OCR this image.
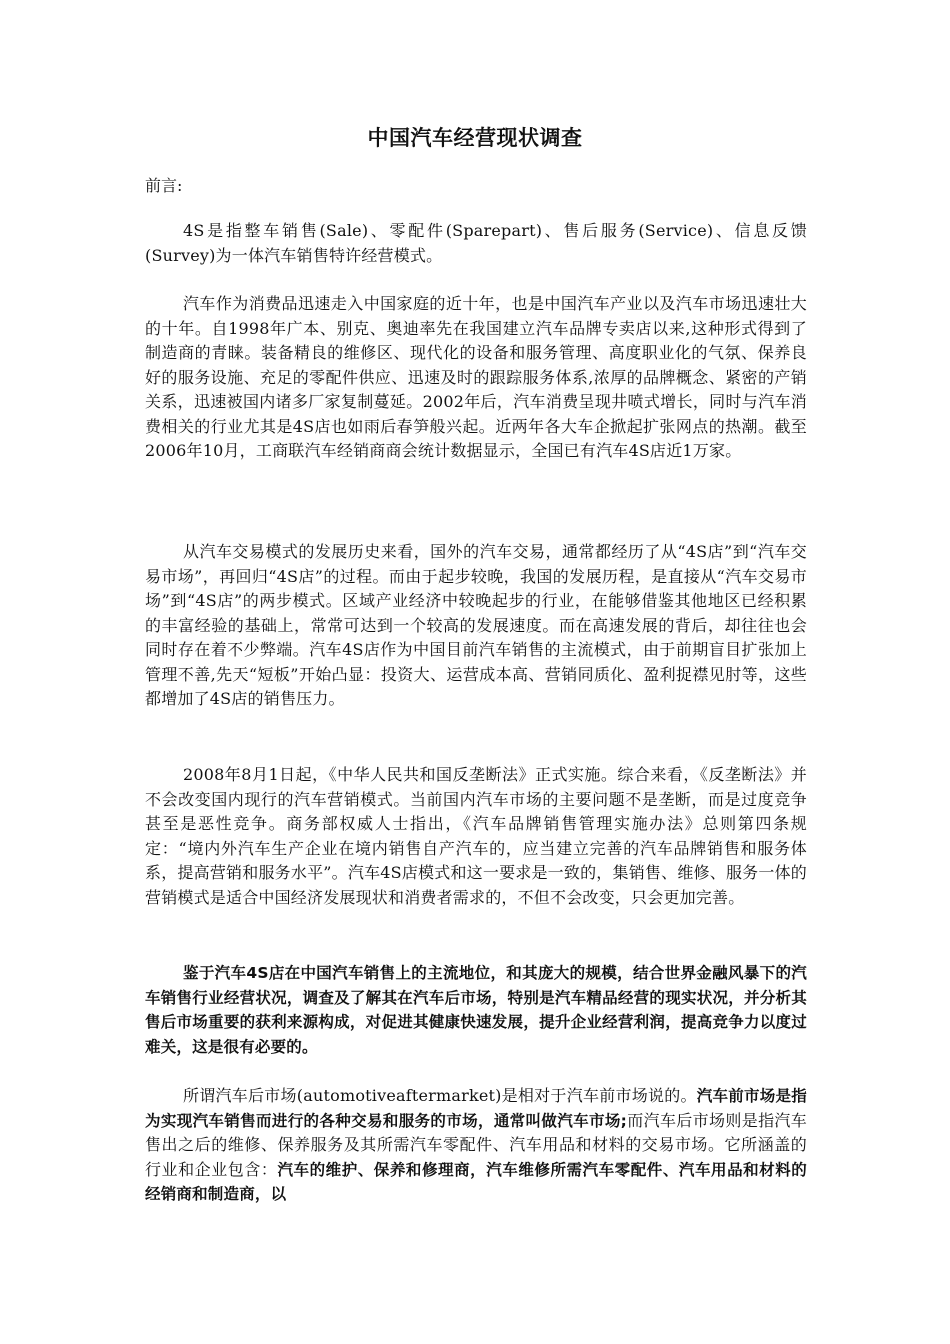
中国汽车经营现状调查
前言:

4S是指整车销售(Sale)、零配件(Sparepart)、售后服务(Service)、信息反馈(Survey)为一体汽车销售特许经营模式。

汽车作为消费品迅速走入中国家庭的近十年，也是中国汽车产业以及汽车市场迅速壮大的十年。自1998年广本、别克、奥迪率先在我国建立汽车品牌专卖店以来,这种形式得到了制造商的青睐。装备精良的维修区、现代化的设备和服务管理、高度职业化的气氛、保养良好的服务设施、充足的零配件供应、迅速及时的跟踪服务体系,浓厚的品牌概念、紧密的产销关系，迅速被国内诸多厂家复制蔓延。2002年后，汽车消费呈现井喷式增长，同时与汽车消费相关的行业尤其是4S店也如雨后春笋般兴起。近两年各大车企掀起扩张网点的热潮。截至2006年10月，工商联汽车经销商商会统计数据显示，全国已有汽车4S店近1万家。

从汽车交易模式的发展历史来看，国外的汽车交易，通常都经历了从“4S店”到“汽车交易市场”，再回归“4S店”的过程。而由于起步较晚，我国的发展历程，是直接从“汽车交易市场”到“4S店”的两步模式。区域产业经济中较晚起步的行业，在能够借鉴其他地区已经积累的丰富经验的基础上，常常可达到一个较高的发展速度。而在高速发展的背后，却往往也会同时存在着不少弊端。汽车4S店作为中国目前汽车销售的主流模式，由于前期盲目扩张加上管理不善,先天“短板”开始凸显：投资大、运营成本高、营销同质化、盈利捉襟见肘等，这些都增加了4S店的销售压力。

2008年8月1日起，《中华人民共和国反垄断法》正式实施。综合来看，《反垄断法》并不会改变国内现行的汽车营销模式。当前国内汽车市场的主要问题不是垄断，而是过度竞争甚至是恶性竞争。商务部权威人士指出，《汽车品牌销售管理实施办法》总则第四条规定：“境内外汽车生产企业在境内销售自产汽车的，应当建立完善的汽车品牌销售和服务体系，提高营销和服务水平”。汽车4S店模式和这一要求是一致的，集销售、维修、服务一体的营销模式是适合中国经济发展现状和消费者需求的，不但不会改变，只会更加完善。

鉴于汽车4S店在中国汽车销售上的主流地位，和其庞大的规模，结合世界金融风暴下的汽车销售行业经营状况，调查及了解其在汽车后市场，特别是汽车精品经营的现实状况，并分析其售后市场重要的获利来源构成，对促进其健康快速发展，提升企业经营利润，提高竞争力以度过难关，这是很有必要的。

所谓汽车后市场(automotiveaftermarket)是相对于汽车前市场说的。汽车前市场是指为实现汽车销售而进行的各种交易和服务的市场，通常叫做汽车市场;而汽车后市场则是指汽车售出之后的维修、保养服务及其所需汽车零配件、汽车用品和材料的交易市场。它所涵盖的行业和企业包含：汽车的维护、保养和修理商，汽车维修所需汽车零配件、汽车用品和材料的经销商和制造商，以
